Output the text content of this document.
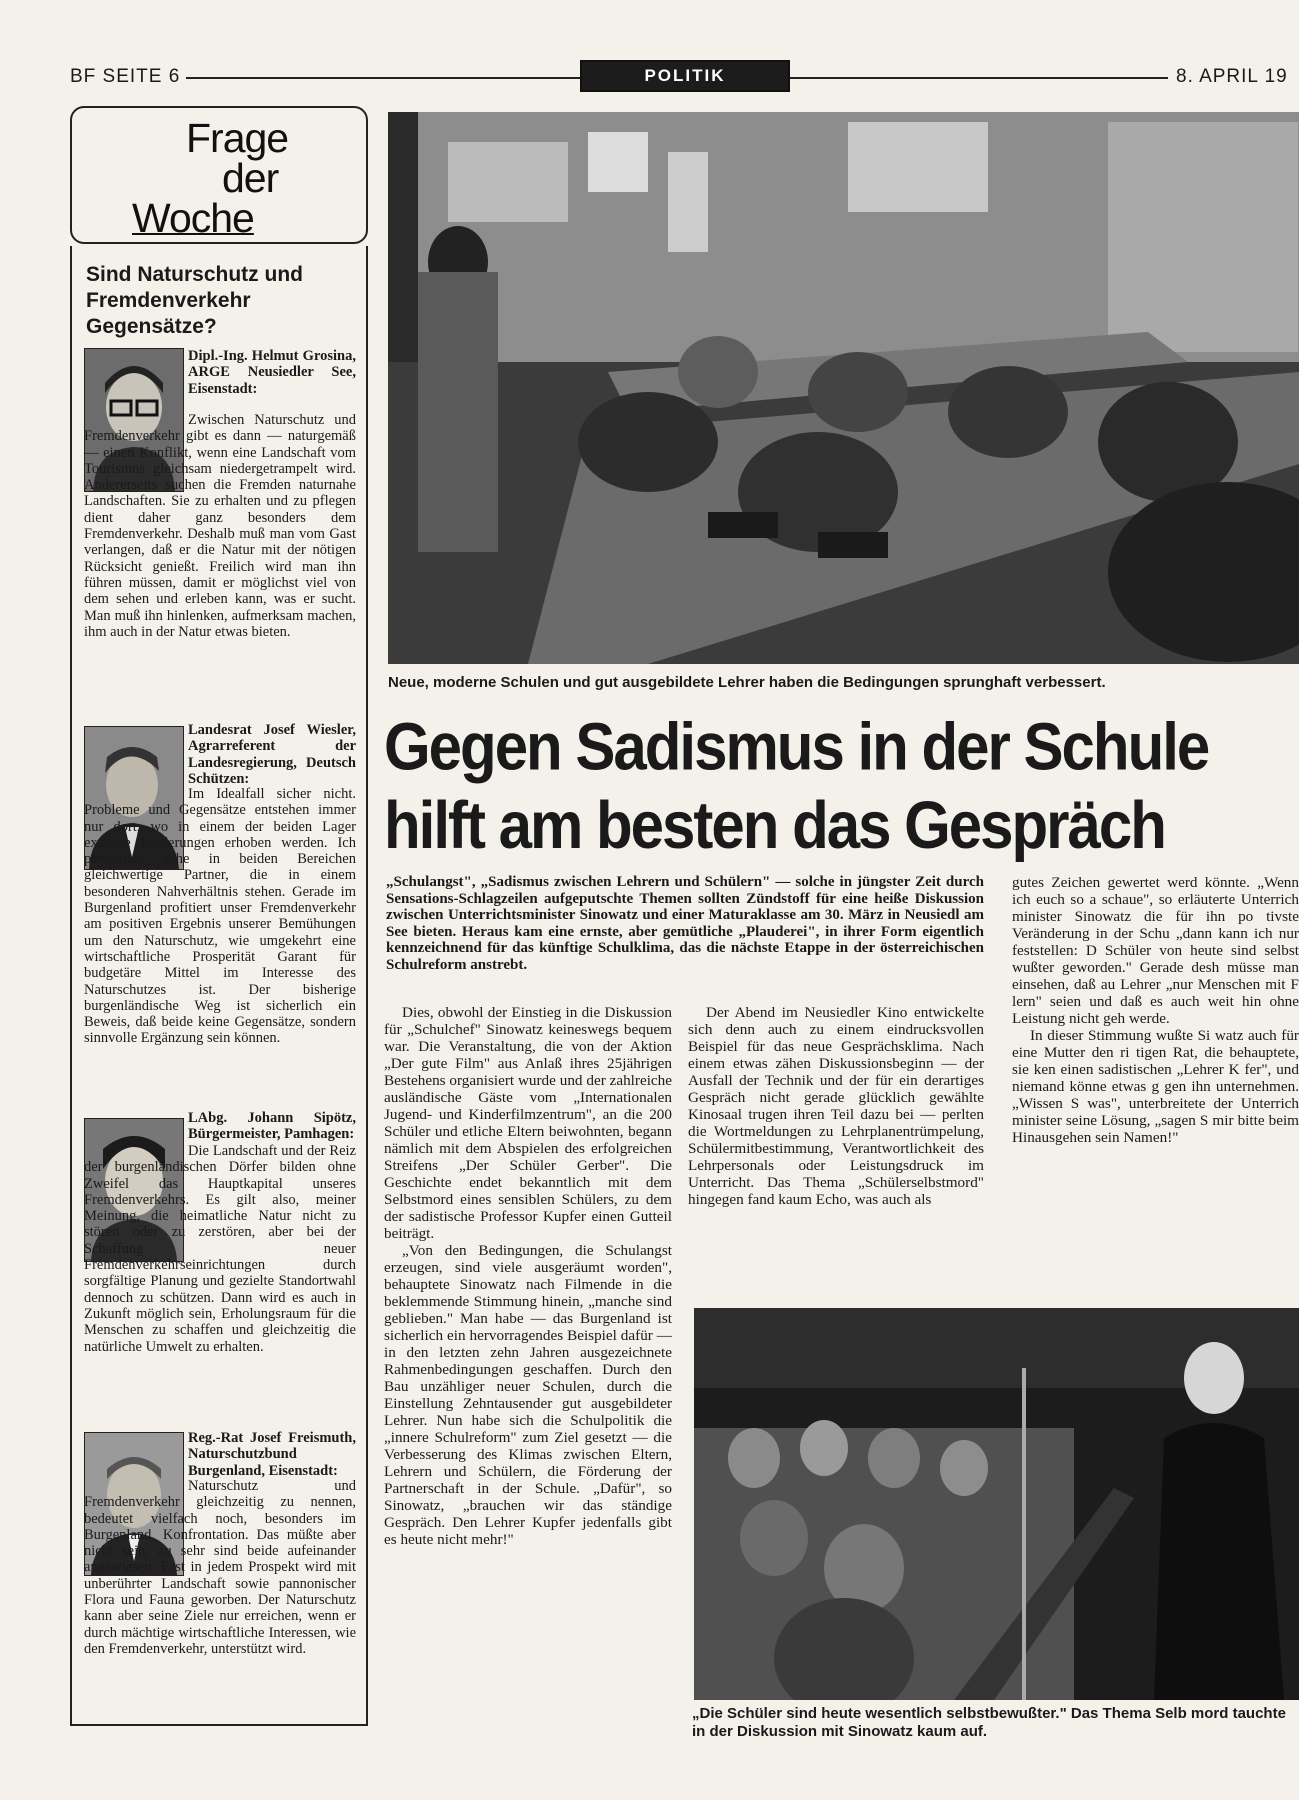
BF SEITE 6	POLITIK	8. APRIL 19
Frage
der
Woche
Sind Naturschutz und Fremdenverkehr Gegensätze?
Dipl.-Ing. Helmut Grosina, ARGE Neusiedler See, Eisenstadt:
Zwischen Naturschutz und Fremdenverkehr gibt es dann — naturgemäß — einen Konflikt, wenn eine Landschaft vom Tourismus gleichsam niedergetrampelt wird. Andererseits suchen die Fremden naturnahe Landschaften. Sie zu erhalten und zu pflegen dient daher ganz besonders dem Fremdenverkehr. Deshalb muß man vom Gast verlangen, daß er die Natur mit der nötigen Rücksicht genießt. Freilich wird man ihn führen müssen, damit er möglichst viel von dem sehen und erleben kann, was er sucht. Man muß ihn hinlenken, aufmerksam machen, ihm auch in der Natur etwas bieten.
Landesrat Josef Wiesler, Agrarreferent der Landesregierung, Deutsch Schützen:
Im Idealfall sicher nicht. Probleme und Gegensätze entstehen immer nur dort, wo in einem der beiden Lager extreme Forderungen erhoben werden. Ich persönlich sehe in beiden Bereichen gleichwertige Partner, die in einem besonderen Nahverhältnis stehen. Gerade im Burgenland profitiert unser Fremdenverkehr am positiven Ergebnis unserer Bemühungen um den Naturschutz, wie umgekehrt eine wirtschaftliche Prosperität Garant für budgetäre Mittel im Interesse des Naturschutzes ist. Der bisherige burgenländische Weg ist sicherlich ein Beweis, daß beide keine Gegensätze, sondern sinnvolle Ergänzung sein können.
LAbg. Johann Sipötz, Bürgermeister, Pamhagen:
Die Landschaft und der Reiz der burgenländischen Dörfer bilden ohne Zweifel das Hauptkapital unseres Fremdenverkehrs. Es gilt also, meiner Meinung, die heimatliche Natur nicht zu stören oder zu zerstören, aber bei der Schaffung neuer Fremdenverkehrseinrichtungen durch sorgfältige Planung und gezielte Standortwahl dennoch zu schützen. Dann wird es auch in Zukunft möglich sein, Erholungsraum für die Menschen zu schaffen und gleichzeitig die natürliche Umwelt zu erhalten.
Reg.-Rat Josef Freismuth, Naturschutzbund Burgenland, Eisenstadt:
Naturschutz und Fremdenverkehr gleichzeitig zu nennen, bedeutet vielfach noch, besonders im Burgenland, Konfrontation. Das müßte aber nicht sein, zu sehr sind beide aufeinander angewiesen. Fast in jedem Prospekt wird mit unberührter Landschaft sowie pannonischer Flora und Fauna geworben. Der Naturschutz kann aber seine Ziele nur erreichen, wenn er durch mächtige wirtschaftliche Interessen, wie den Fremdenverkehr, unterstützt wird.
Neue, moderne Schulen und gut ausgebildete Lehrer haben die Bedingungen sprunghaft verbessert.
Gegen Sadismus in der Schule
hilft am besten das Gespräch
„Schulangst", „Sadismus zwischen Lehrern und Schülern" — solche in jüngster Zeit durch Sensations-Schlagzeilen aufgeputschte Themen sollten Zündstoff für eine heiße Diskussion zwischen Unterrichtsminister Sinowatz und einer Maturaklasse am 30. März in Neusiedl am See bieten. Heraus kam eine ernste, aber gemütliche „Plauderei", in ihrer Form eigentlich kennzeichnend für das künftige Schulklima, das die nächste Etappe in der österreichischen Schulreform anstrebt.

Dies, obwohl der Einstieg in die Diskussion für „Schulchef" Sinowatz keineswegs bequem war. Die Veranstaltung, die von der Aktion „Der gute Film" aus Anlaß ihres 25jährigen Bestehens organisiert wurde und der zahlreiche ausländische Gäste vom „Internationalen Jugend- und Kinderfilmzentrum", an die 200 Schüler und etliche Eltern beiwohnten, begann nämlich mit dem Abspielen des erfolgreichen Streifens „Der Schüler Gerber". Die Geschichte endet bekanntlich mit dem Selbstmord eines sensiblen Schülers, zu dem der sadistische Professor Kupfer einen Gutteil beiträgt.

„Von den Bedingungen, die Schulangst erzeugen, sind viele ausgeräumt worden", behauptete Sinowatz nach Filmende in die beklemmende Stimmung hinein, „manche sind geblieben." Man habe — das Burgenland ist sicherlich ein hervorragendes Beispiel dafür — in den letzten zehn Jahren ausgezeichnete Rahmenbedingungen geschaffen. Durch den Bau unzähliger neuer Schulen, durch die Einstellung Zehntausender gut ausgebildeter Lehrer. Nun habe sich die Schulpolitik die „innere Schulreform" zum Ziel gesetzt — die Verbesserung des Klimas zwischen Eltern, Lehrern und Schülern, die Förderung der Partnerschaft in der Schule. „Dafür", so Sinowatz, „brauchen wir das ständige Gespräch. Den Lehrer Kupfer jedenfalls gibt es heute nicht mehr!"

Der Abend im Neusiedler Kino entwickelte sich denn auch zu einem eindrucksvollen Beispiel für das neue Gesprächsklima. Nach einem etwas zähen Diskussionsbeginn — der Ausfall der Technik und der für ein derartiges Gespräch nicht gerade glücklich gewählte Kinosaal trugen ihren Teil dazu bei — perlten die Wortmeldungen zu Lehrplanentrümpelung, Schülermitbestimmung, Verantwortlichkeit des Lehrpersonals oder Leistungsdruck im Unterricht. Das Thema „Schülerselbstmord" hingegen fand kaum Echo, was auch als

gutes Zeichen gewertet werd könnte. „Wenn ich euch so a schaue", so erläuterte Unterrich minister Sinowatz die für ihn po tivste Veränderung in der Schu „dann kann ich nur feststellen: D Schüler von heute sind selbst wußter geworden." Gerade desh müsse man einsehen, daß au Lehrer „nur Menschen mit F lern" seien und daß es auch weit hin ohne Leistung nicht geh werde.

In dieser Stimmung wußte Si watz auch für eine Mutter den ri tigen Rat, die behauptete, sie ken einen sadistischen „Lehrer K fer", und niemand könne etwas g gen ihn unternehmen. „Wissen S was", unterbreitete der Unterrich minister seine Lösung, „sagen S mir bitte beim Hinausgehen sein Namen!"

„Die Schüler sind heute wesentlich selbstbewußter." Das Thema Selb mord tauchte in der Diskussion mit Sinowatz kaum auf.
